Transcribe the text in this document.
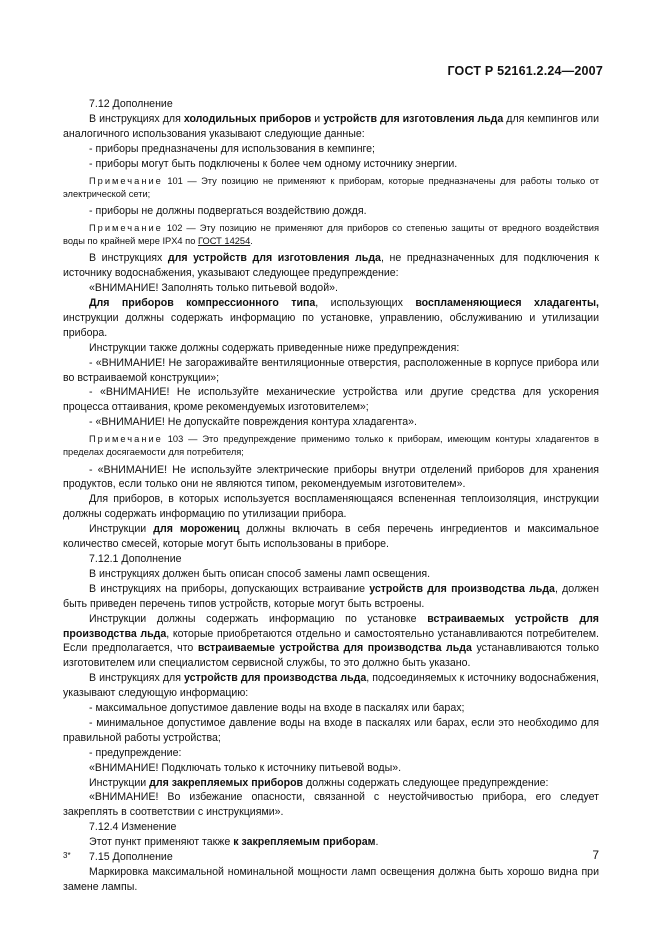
ГОСТ Р 52161.2.24—2007

7.12 Дополнение

В инструкциях для холодильных приборов и устройств для изготовления льда для кемпингов или аналогичного использования указывают следующие данные:

- приборы предназначены для использования в кемпинге;

- приборы могут быть подключены к более чем одному источнику энергии.

Примечание 101 — Эту позицию не применяют к приборам, которые предназначены для работы только от электрической сети;

- приборы не должны подвергаться воздействию дождя.

Примечание 102 — Эту позицию не применяют для приборов со степенью защиты от вредного воздействия воды по крайней мере IPX4 по ГОСТ 14254.

В инструкциях для устройств для изготовления льда, не предназначенных для подключения к источнику водоснабжения, указывают следующее предупреждение:

«ВНИМАНИЕ! Заполнять только питьевой водой».

Для приборов компрессионного типа, использующих воспламеняющиеся хладагенты, инструкции должны содержать информацию по установке, управлению, обслуживанию и утилизации прибора.

Инструкции также должны содержать приведенные ниже предупреждения:

- «ВНИМАНИЕ! Не загораживайте вентиляционные отверстия, расположенные в корпусе прибора или во встраиваемой конструкции»;

- «ВНИМАНИЕ! Не используйте механические устройства или другие средства для ускорения процесса оттаивания, кроме рекомендуемых изготовителем»;

- «ВНИМАНИЕ! Не допускайте повреждения контура хладагента».

Примечание 103 — Это предупреждение применимо только к приборам, имеющим контуры хладагентов в пределах досягаемости для потребителя;

- «ВНИМАНИЕ! Не используйте электрические приборы внутри отделений приборов для хранения продуктов, если только они не являются типом, рекомендуемым изготовителем».

Для приборов, в которых используется воспламеняющаяся вспененная теплоизоляция, инструкции должны содержать информацию по утилизации прибора.

Инструкции для морожениц должны включать в себя перечень ингредиентов и максимальное количество смесей, которые могут быть использованы в приборе.

7.12.1 Дополнение

В инструкциях должен быть описан способ замены ламп освещения.

В инструкциях на приборы, допускающих встраивание устройств для производства льда, должен быть приведен перечень типов устройств, которые могут быть встроены.

Инструкции должны содержать информацию по установке встраиваемых устройств для производства льда, которые приобретаются отдельно и самостоятельно устанавливаются потребителем. Если предполагается, что встраиваемые устройства для производства льда устанавливаются только изготовителем или специалистом сервисной службы, то это должно быть указано.

В инструкциях для устройств для производства льда, подсоединяемых к источнику водоснабжения, указывают следующую информацию:

- максимальное допустимое давление воды на входе в паскалях или барах;

- минимальное допустимое давление воды на входе в паскалях или барах, если это необходимо для правильной работы устройства;

- предупреждение:

«ВНИМАНИЕ! Подключать только к источнику питьевой воды».

Инструкции для закрепляемых приборов должны содержать следующее предупреждение:

«ВНИМАНИЕ! Во избежание опасности, связанной с неустойчивостью прибора, его следует закреплять в соответствии с инструкциями».

7.12.4 Изменение

Этот пункт применяют также к закрепляемым приборам.

7.15 Дополнение

Маркировка максимальной номинальной мощности ламп освещения должна быть хорошо видна при замене лампы.

3*	7
